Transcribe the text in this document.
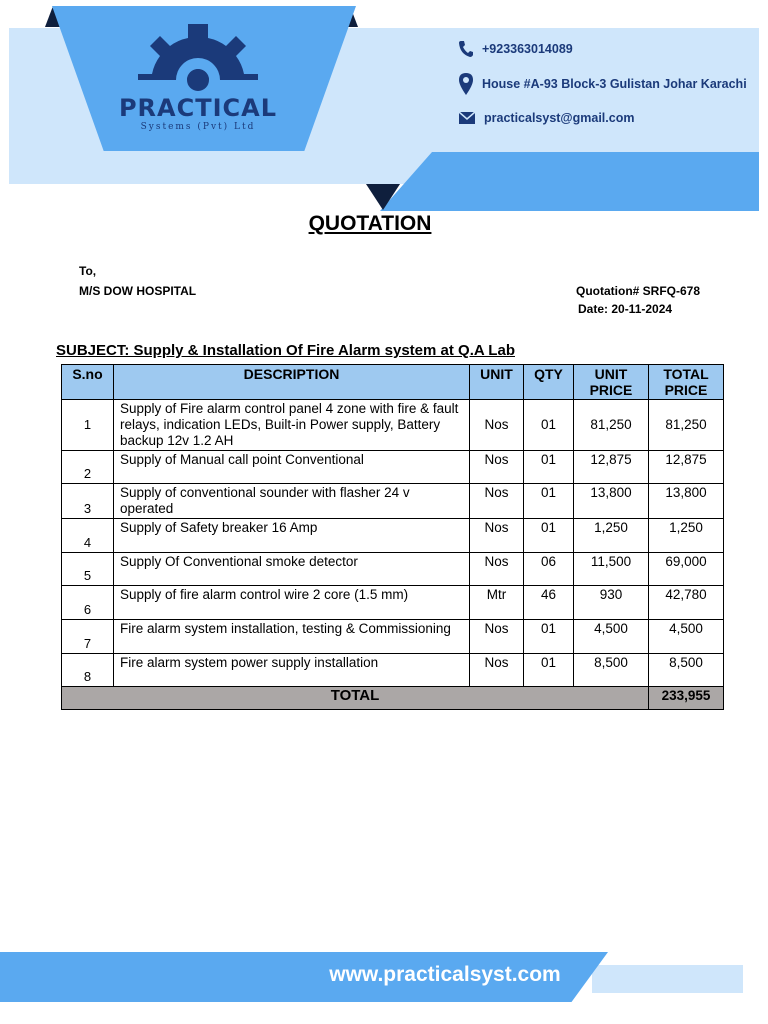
PRACTICAL
Systems (Pvt) Ltd
+923363014089
House #A-93 Block-3 Gulistan Johar Karachi
practicalsyst@gmail.com
QUOTATION
To,
M/S DOW HOSPITAL	Quotation# SRFQ-678
Date: 20-11-2024
SUBJECT: Supply & Installation Of Fire Alarm system at Q.A Lab
S.no	DESCRIPTION	UNIT	QTY	UNIT PRICE	TOTAL PRICE
1	Supply of Fire alarm control panel 4 zone with fire & fault relays, indication LEDs, Built-in Power supply, Battery backup 12v 1.2 AH	Nos	01	81,250	81,250
2	Supply of Manual call point Conventional	Nos	01	12,875	12,875
3	Supply of conventional sounder with flasher 24 v operated	Nos	01	13,800	13,800
4	Supply of Safety breaker 16 Amp	Nos	01	1,250	1,250
5	Supply Of Conventional smoke detector	Nos	06	11,500	69,000
6	Supply of fire alarm control wire 2 core (1.5 mm)	Mtr	46	930	42,780
7	Fire alarm system installation, testing & Commissioning	Nos	01	4,500	4,500
8	Fire alarm system power supply installation	Nos	01	8,500	8,500
TOTAL					233,955
www.practicalsyst.com
